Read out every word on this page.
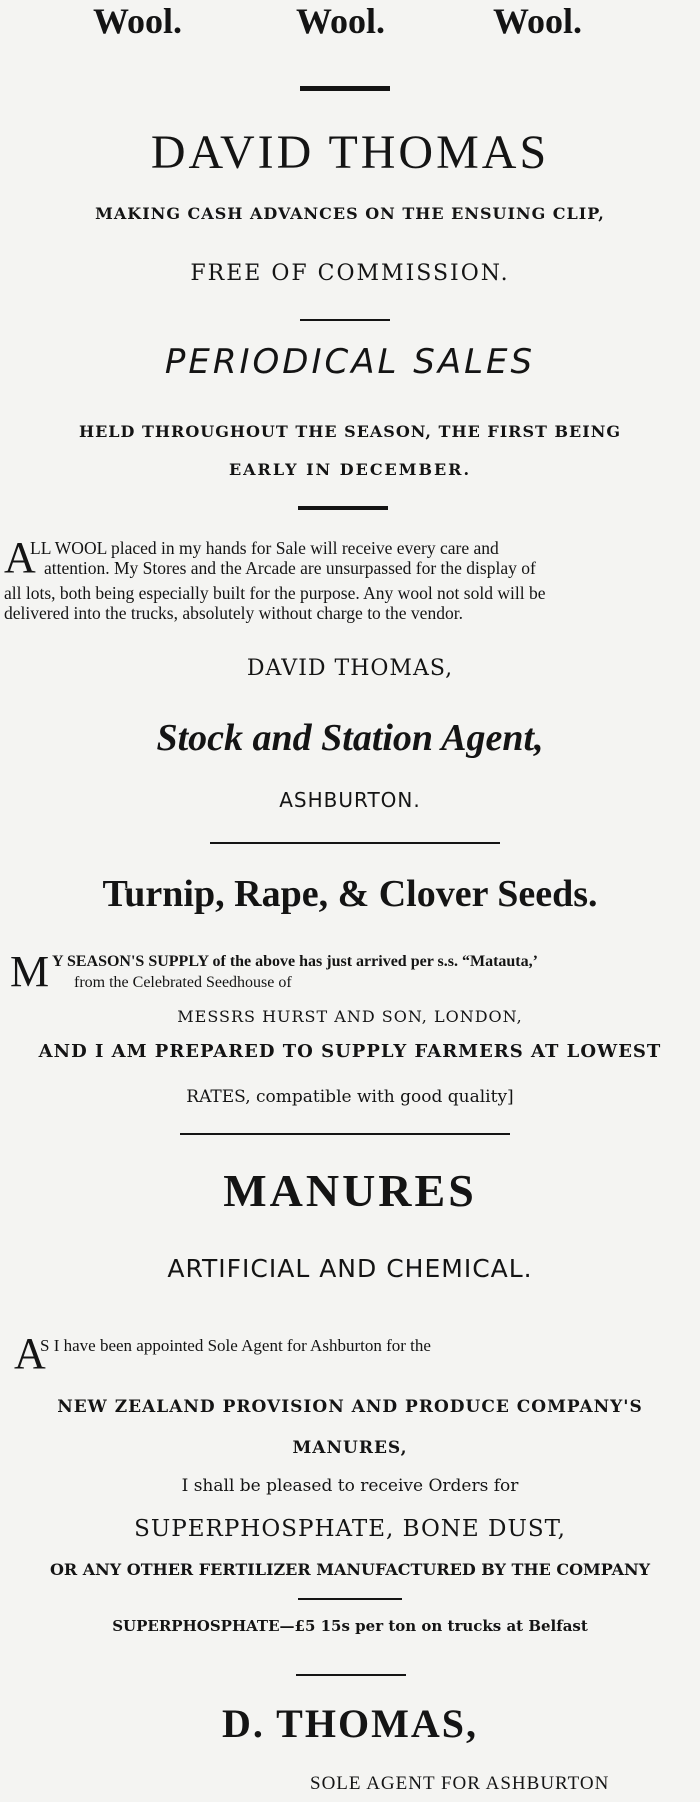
Wool.	Wool.	Wool.
DAVID THOMAS
MAKING CASH ADVANCES ON THE ENSUING CLIP,
FREE OF COMMISSION.
PERIODICAL SALES
HELD THROUGHOUT THE SEASON, THE FIRST BEING
EARLY IN DECEMBER.
A
LL WOOL placed in my hands for Sale will receive every care and
attention. My Stores and the Arcade are unsurpassed for the display of
all lots, both being especially built for the purpose. Any wool not sold will be
delivered into the trucks, absolutely without charge to the vendor.
DAVID THOMAS,
Stock and Station Agent,
ASHBURTON.
Turnip, Rape, & Clover Seeds.
M Y SEASON'S SUPPLY of the above has just arrived per s.s. “Matauta,’
from the Celebrated Seedhouse of
MESSRS HURST AND SON, LONDON,
AND I AM PREPARED TO SUPPLY FARMERS AT LOWEST
RATES, compatible with good quality]
MANURES
ARTIFICIAL AND CHEMICAL.
A
S I have been appointed Sole Agent for Ashburton for the
NEW ZEALAND PROVISION AND PRODUCE COMPANY'S
MANURES,
I shall be pleased to receive Orders for
SUPERPHOSPHATE, BONE DUST,
OR ANY OTHER FERTILIZER MANUFACTURED BY THE COMPANY
SUPERPHOSPHATE—£5 15s per ton on trucks at Belfast
D. THOMAS,
SOLE AGENT FOR ASHBURTON
